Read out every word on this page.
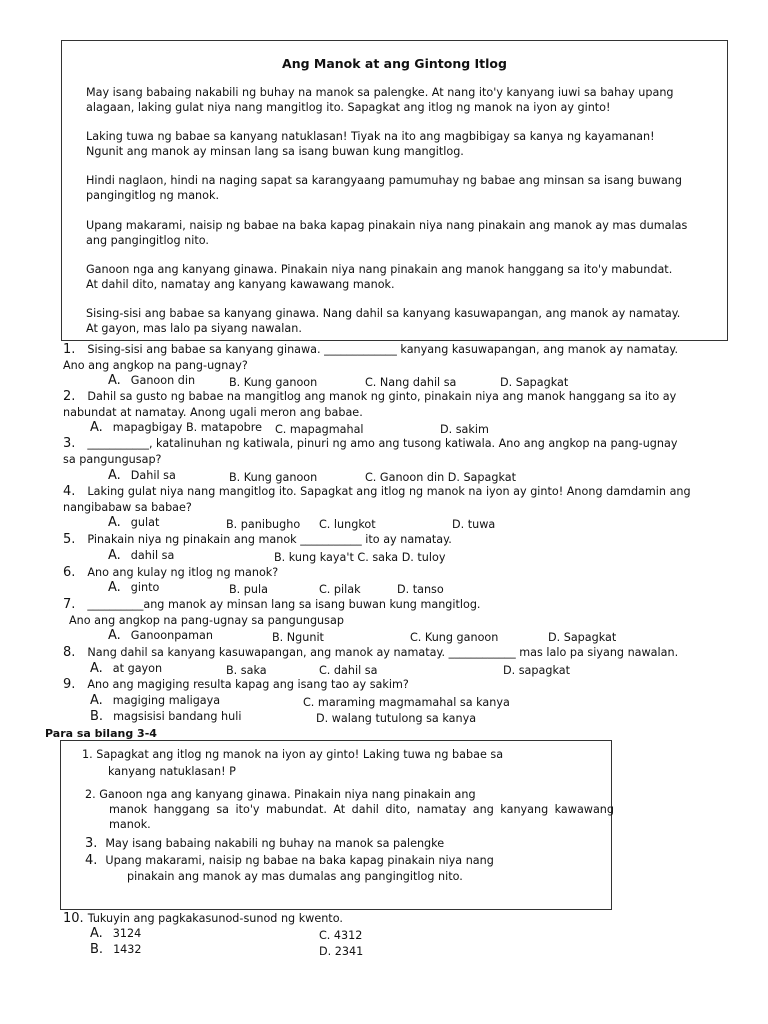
Ang Manok at ang Gintong Itlog
May isang babaing nakabili ng buhay na manok sa palengke. At nang ito'y kanyang iuwi sa bahay upang
alagaan, laking gulat niya nang mangitlog ito. Sapagkat ang itlog ng manok na iyon ay ginto!
Laking tuwa ng babae sa kanyang natuklasan! Tiyak na ito ang magbibigay sa kanya ng kayamanan!
Ngunit ang manok ay minsan lang sa isang buwan kung mangitlog.
Hindi naglaon, hindi na naging sapat sa karangyaang pamumuhay ng babae ang minsan sa isang buwang
pangingitlog ng manok.
Upang makarami, naisip ng babae na baka kapag pinakain niya nang pinakain ang manok ay mas dumalas
ang pangingitlog nito.
Ganoon nga ang kanyang ginawa. Pinakain niya nang pinakain ang manok hanggang sa ito'y mabundat.
At dahil dito, namatay ang kanyang kawawang manok.
Sising-sisi ang babae sa kanyang ginawa. Nang dahil sa kanyang kasuwapangan, ang manok ay namatay.
At gayon, mas lalo pa siyang nawalan.
1. Sising-sisi ang babae sa kanyang ginawa. _____________ kanyang kasuwapangan, ang manok ay namatay.
Ano ang angkop na pang-ugnay?
A. Ganoon din	B. Kung ganoon	C. Nang dahil sa	D. Sapagkat
2. Dahil sa gusto ng babae na mangitlog ang manok ng ginto, pinakain niya ang manok hanggang sa ito ay
nabundat at namatay. Anong ugali meron ang babae.
A. mapagbigay B. matapobre C. mapagmahal	D. sakim
3. ___________, katalinuhan ng katiwala, pinuri ng amo ang tusong katiwala. Ano ang angkop na pang-ugnay
sa pangungusap?
A. Dahil sa	B. Kung ganoon	C. Ganoon din D. Sapagkat
4. Laking gulat niya nang mangitlog ito. Sapagkat ang itlog ng manok na iyon ay ginto! Anong damdamin ang
nangibabaw sa babae?
A. gulat	B. panibugho C. lungkot	D. tuwa
5. Pinakain niya ng pinakain ang manok ___________ ito ay namatay.
A. dahil sa	B. kung kaya't C. saka D. tuloy
6. Ano ang kulay ng itlog ng manok?
A. ginto	B. pula	C. pilak	D. tanso
7. __________ang manok ay minsan lang sa isang buwan kung mangitlog.
Ano ang angkop na pang-ugnay sa pangungusap
A. Ganoonpaman	B. Ngunit	C. Kung ganoon	D. Sapagkat
8. Nang dahil sa kanyang kasuwapangan, ang manok ay namatay. ____________ mas lalo pa siyang nawalan.
A. at gayon	B. saka	C. dahil sa	D. sapagkat
9. Ano ang magiging resulta kapag ang isang tao ay sakim?
A. magiging maligaya	C. maraming magmamahal sa kanya
B. magsisisi bandang huli	D. walang tutulong sa kanya
Para sa bilang 3-4
1. Sapagkat ang itlog ng manok na iyon ay ginto! Laking tuwa ng babae sa
kanyang natuklasan! P
2. Ganoon nga ang kanyang ginawa. Pinakain niya nang pinakain ang
manok hanggang sa ito'y mabundat. At dahil dito, namatay ang kanyang kawawang
manok.
3. May isang babaing nakabili ng buhay na manok sa palengke
4. Upang makarami, naisip ng babae na baka kapag pinakain niya nang
pinakain ang manok ay mas dumalas ang pangingitlog nito.
10. Tukuyin ang pagkakasunod-sunod ng kwento.
A. 3124	C. 4312
B. 1432	D. 2341
